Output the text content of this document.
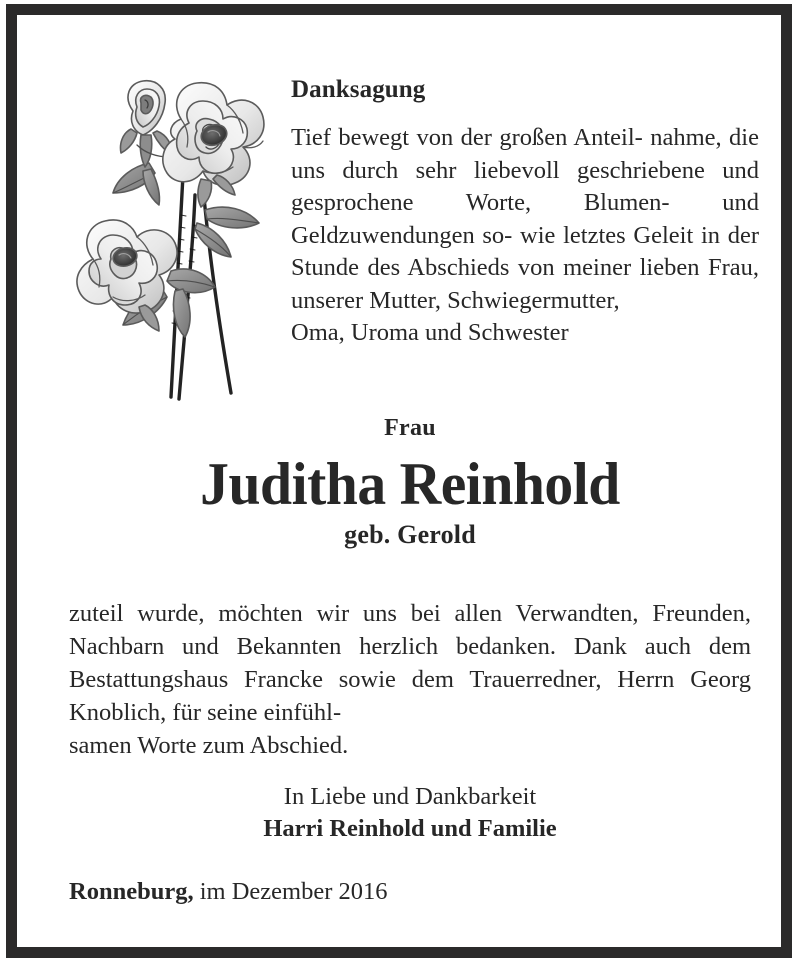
Danksagung
Tief bewegt von der großen Anteil- nahme, die uns durch sehr liebevoll geschriebene und gesprochene Worte, Blumen- und Geldzuwendungen so- wie letztes Geleit in der Stunde des Abschieds von meiner lieben Frau, unserer Mutter, Schwiegermutter,
Oma, Uroma und Schwester
Frau
Juditha Reinhold
geb. Gerold
zuteil wurde, möchten wir uns bei allen Verwandten, Freunden, Nachbarn und Bekannten herzlich bedanken. Dank auch dem Bestattungshaus Francke sowie dem Trauerredner, Herrn Georg Knoblich, für seine einfühl-
samen Worte zum Abschied.
In Liebe und Dankbarkeit
Harri Reinhold und Familie
Ronneburg, im Dezember 2016
